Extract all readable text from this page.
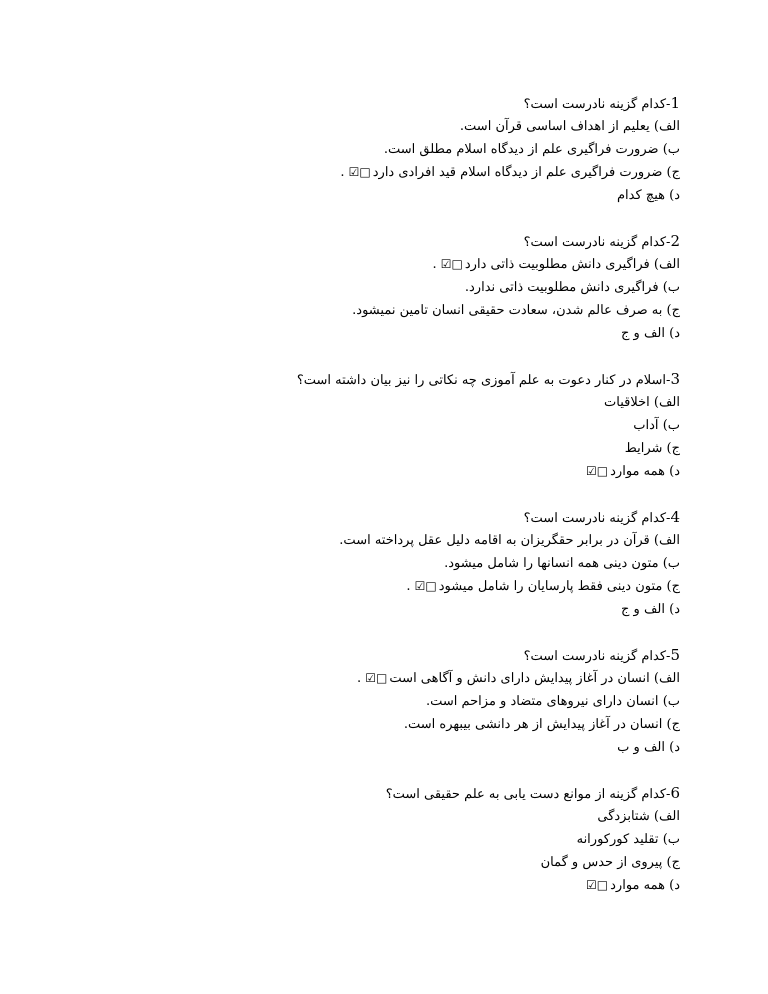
1-کدام گزینه نادرست است؟
الف) یعلیم از اهداف اساسی قرآن است.
ب) ضرورت فراگیری علم از دیدگاه اسلام مطلق است.
ج) ضرورت فراگیری علم از دیدگاه اسلام قید افرادی دارد□☑ .
د) هیچ کدام
2-کدام گزینه نادرست است؟
الف) فراگیری دانش مطلوبیت ذاتی دارد□☑ .
ب) فراگیری دانش مطلوبیت ذاتی ندارد.
ج) به صرف عالم شدن، سعادت حقیقی انسان تامین نمیشود.
د) الف و ج
3-اسلام در کنار دعوت به علم آموزی چه نکاتی را نیز بیان داشته است؟
الف) اخلاقیات
ب) آداب
ج) شرایط
د) همه موارد□☑
4-کدام گزینه نادرست است؟
الف) قرآن در برابر حقگریزان به اقامه دلیل عقل پرداخته است.
ب) متون دینی همه انسانها را شامل میشود.
ج) متون دینی فقط پارسایان را شامل میشود□☑ .
د) الف و ج
5-کدام گزینه نادرست است؟
الف) انسان در آغاز پیدایش دارای دانش و آگاهی است□☑ .
ب) انسان دارای نیروهای متضاد و مزاحم است.
ج) انسان در آغاز پیدایش از هر دانشی بیبهره است.
د) الف و ب
6-کدام گزینه از موانع دست یابی به علم حقیقی است؟
الف) شتابزدگی
ب) تقلید کورکورانه
ج) پیروی از حدس و گمان
د) همه موارد□☑
